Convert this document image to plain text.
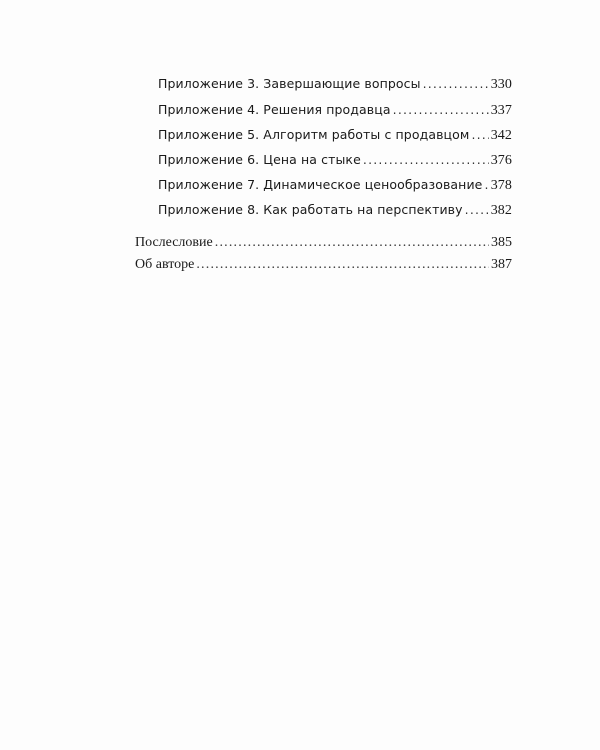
Приложение 3. Завершающие вопросы .....	330
Приложение 4. Решения продавца .....	337
Приложение 5. Алгоритм работы с продавцом ..... 342
Приложение 6. Цена на стыке .....	376
Приложение 7. Динамическое ценообразование ..... 378
Приложение 8. Как работать на перспективу ..... 382
Послесловие .....	385
Об авторе .....	387
